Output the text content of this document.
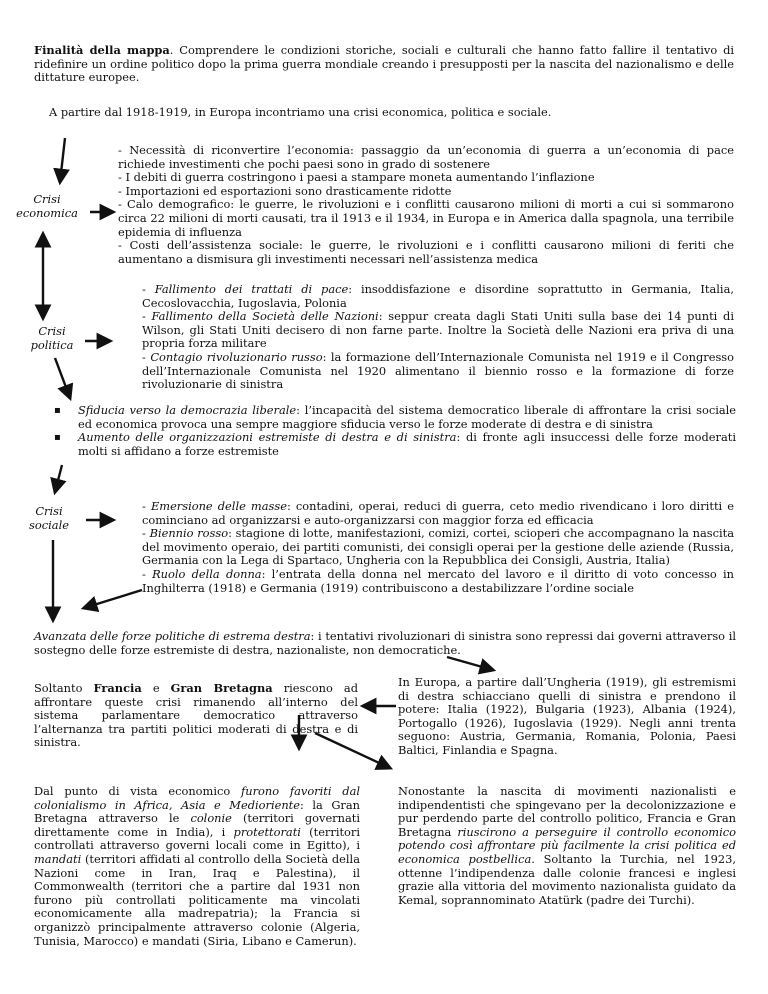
Finalità della mappa. Comprendere le condizioni storiche, sociali e culturali che hanno fatto fallire il tentativo di ridefinire un ordine politico dopo la prima guerra mondiale creando i presupposti per la nascita del nazionalismo e delle dittature europee.
A partire dal 1918-1919, in Europa incontriamo una crisi economica, politica e sociale.
Crisi
economica
- Necessità di riconvertire l’economia: passaggio da un’economia di guerra a un’economia di pace richiede investimenti che pochi paesi sono in grado di sostenere
- I debiti di guerra costringono i paesi a stampare moneta aumentando l’inflazione
- Importazioni ed esportazioni sono drasticamente ridotte
- Calo demografico: le guerre, le rivoluzioni e i conflitti causarono milioni di morti a cui si sommarono circa 22 milioni di morti causati, tra il 1913 e il 1934, in Europa e in America dalla spagnola, una terribile epidemia di influenza
- Costi dell’assistenza sociale: le guerre, le rivoluzioni e i conflitti causarono milioni di feriti che aumentano a dismisura gli investimenti necessari nell’assistenza medica
Crisi
politica
- Fallimento dei trattati di pace: insoddisfazione e disordine soprattutto in Germania, Italia, Cecoslovacchia, Iugoslavia, Polonia
- Fallimento della Società delle Nazioni: seppur creata dagli Stati Uniti sulla base dei 14 punti di Wilson, gli Stati Uniti decisero di non farne parte. Inoltre la Società delle Nazioni era priva di una propria forza militare
- Contagio rivoluzionario russo: la formazione dell’Internazionale Comunista nel 1919 e il Congresso dell’Internazionale Comunista nel 1920 alimentano il biennio rosso e la formazione di forze rivoluzionarie di sinistra
▪ Sfiducia verso la democrazia liberale: l’incapacità del sistema democratico liberale di affrontare la crisi sociale ed economica provoca una sempre maggiore sfiducia verso le forze moderate di destra e di sinistra
▪ Aumento delle organizzazioni estremiste di destra e di sinistra: di fronte agli insuccessi delle forze moderati molti si affidano a forze estremiste
Crisi
sociale
- Emersione delle masse: contadini, operai, reduci di guerra, ceto medio rivendicano i loro diritti e cominciano ad organizzarsi e auto-organizzarsi con maggior forza ed efficacia
- Biennio rosso: stagione di lotte, manifestazioni, comizi, cortei, scioperi che accompagnano la nascita del movimento operaio, dei partiti comunisti, dei consigli operai per la gestione delle aziende (Russia, Germania con la Lega di Spartaco, Ungheria con la Repubblica dei Consigli, Austria, Italia)
- Ruolo della donna: l’entrata della donna nel mercato del lavoro e il diritto di voto concesso in Inghilterra (1918) e Germania (1919) contribuiscono a destabilizzare l’ordine sociale
Avanzata delle forze politiche di estrema destra: i tentativi rivoluzionari di sinistra sono repressi dai governi attraverso il sostegno delle forze estremiste di destra, nazionaliste, non democratiche.
Soltanto Francia e Gran Bretagna riescono ad affrontare queste crisi rimanendo all’interno del sistema parlamentare democratico attraverso l’alternanza tra partiti politici moderati di destra e di sinistra.
In Europa, a partire dall’Ungheria (1919), gli estremismi di destra schiacciano quelli di sinistra e prendono il potere: Italia (1922), Bulgaria (1923), Albania (1924), Portogallo (1926), Iugoslavia (1929). Negli anni trenta seguono: Austria, Germania, Romania, Polonia, Paesi Baltici, Finlandia e Spagna.
Dal punto di vista economico furono favoriti dal colonialismo in Africa, Asia e Medioriente: la Gran Bretagna attraverso le colonie (territori governati direttamente come in India), i protettorati (territori controllati attraverso governi locali come in Egitto), i mandati (territori affidati al controllo della Società della Nazioni come in Iran, Iraq e Palestina), il Commonwealth (territori che a partire dal 1931 non furono più controllati politicamente ma vincolati economicamente alla madrepatria); la Francia si organizzò principalmente attraverso colonie (Algeria, Tunisia, Marocco) e mandati (Siria, Libano e Camerun).
Nonostante la nascita di movimenti nazionalisti e indipendentisti che spingevano per la decolonizzazione e pur perdendo parte del controllo politico, Francia e Gran Bretagna riuscirono a perseguire il controllo economico potendo così affrontare più facilmente la crisi politica ed economica postbellica. Soltanto la Turchia, nel 1923, ottenne l’indipendenza dalle colonie francesi e inglesi grazie alla vittoria del movimento nazionalista guidato da Kemal, soprannominato Atatürk (padre dei Turchi).
